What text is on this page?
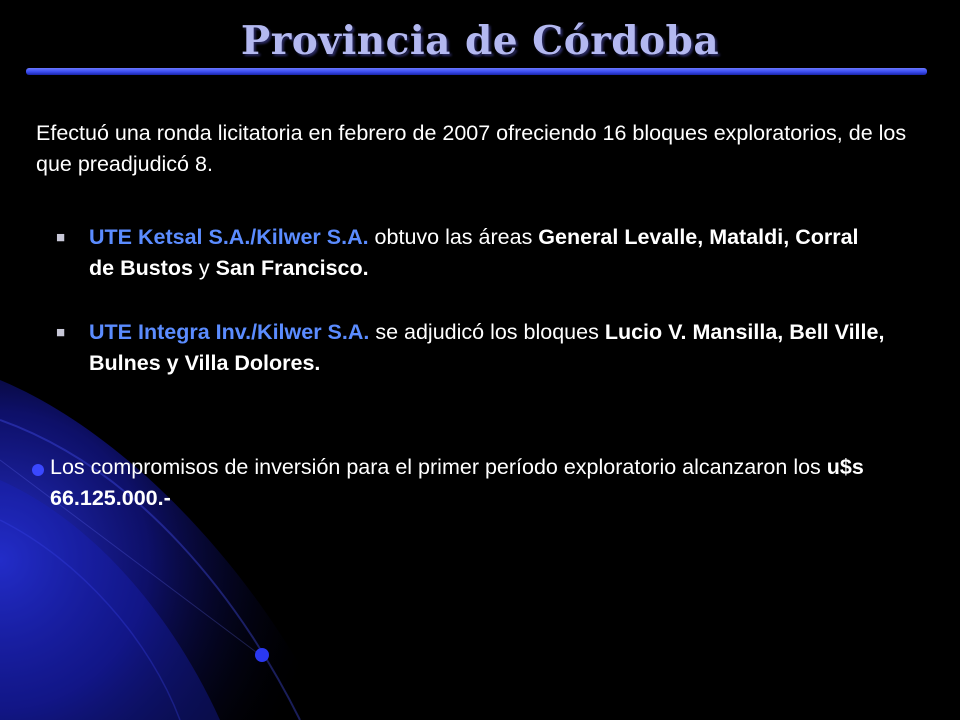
Provincia de Córdoba
Efectuó una ronda licitatoria en febrero de 2007 ofreciendo 16 bloques exploratorios, de los que preadjudicó 8.
■ UTE Ketsal S.A./Kilwer S.A. obtuvo las áreas General Levalle, Mataldi, Corral de Bustos y San Francisco.
■ UTE Integra Inv./Kilwer S.A. se adjudicó los bloques Lucio V. Mansilla, Bell Ville, Bulnes y Villa Dolores.
Los compromisos de inversión para el primer período exploratorio alcanzaron los u$s 66.125.000.-
